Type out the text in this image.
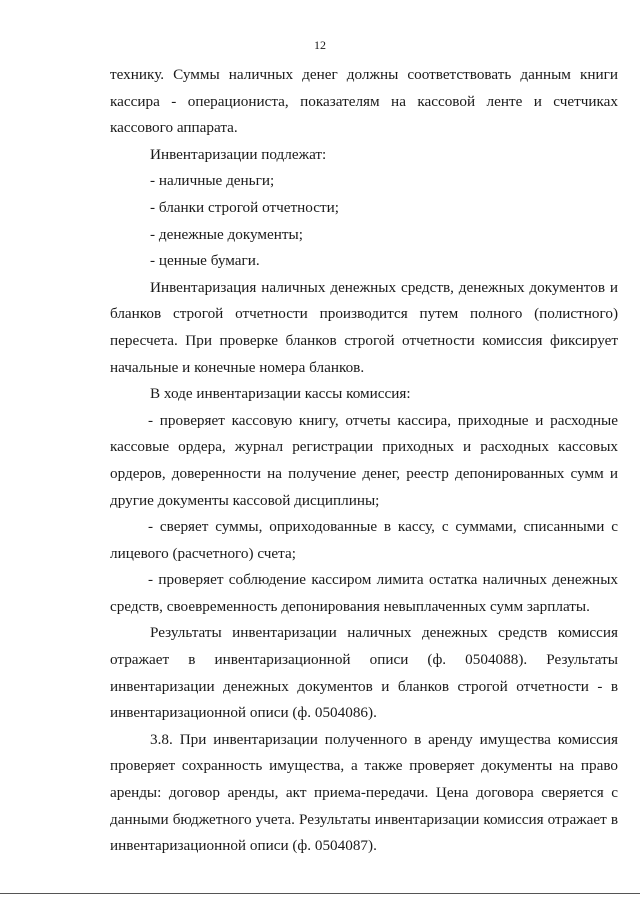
12

технику. Суммы наличных денег должны соответствовать данным книги кассира - операциониста, показателям на кассовой ленте и счетчиках кассового аппарата.

Инвентаризации подлежат:

- наличные деньги;

- бланки строгой отчетности;

- денежные документы;

- ценные бумаги.

Инвентаризация наличных денежных средств, денежных документов и бланков строгой отчетности производится путем полного (полистного) пересчета. При проверке бланков строгой отчетности комиссия фиксирует начальные и конечные номера бланков.

В ходе инвентаризации кассы комиссия:

- проверяет кассовую книгу, отчеты кассира, приходные и расходные кассовые ордера, журнал регистрации приходных и расходных кассовых ордеров, доверенности на получение денег, реестр депонированных сумм и другие документы кассовой дисциплины;

- сверяет суммы, оприходованные в кассу, с суммами, списанными с лицевого (расчетного) счета;

- проверяет соблюдение кассиром лимита остатка наличных денежных средств, своевременность депонирования невыплаченных сумм зарплаты.

Результаты инвентаризации наличных денежных средств комиссия отражает в инвентаризационной описи (ф. 0504088). Результаты инвентаризации денежных документов и бланков строгой отчетности - в инвентаризационной описи (ф. 0504086).

3.8. При инвентаризации полученного в аренду имущества комиссия проверяет сохранность имущества, а также проверяет документы на право аренды: договор аренды, акт приема-передачи. Цена договора сверяется с данными бюджетного учета. Результаты инвентаризации комиссия отражает в инвентаризационной описи (ф. 0504087).
